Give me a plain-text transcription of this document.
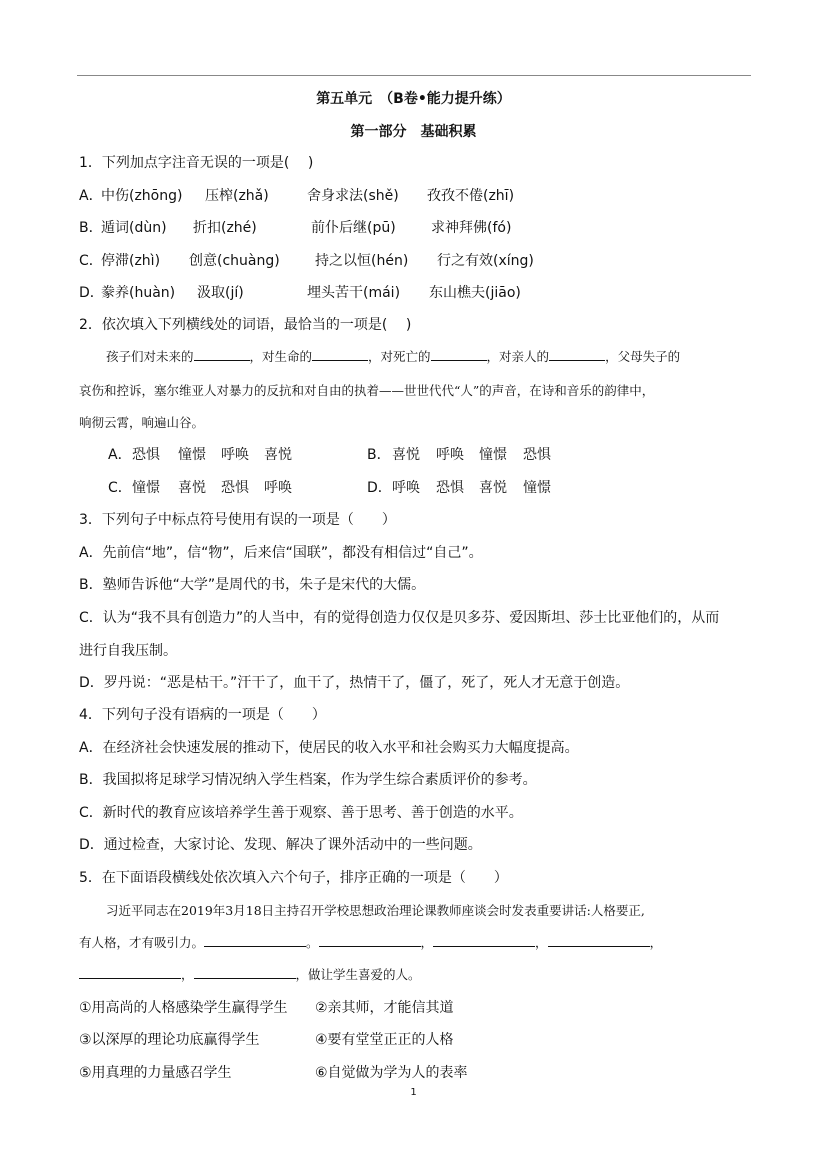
第五单元　（B卷•能力提升练）
第一部分　基础积累
1．下列加点字注音无误的一项是(　 )
A．
中伤(zhōng) 压榨(zhǎ)	舍身求法(shě) 孜孜不倦(zhī)
B．
遁词(dùn) 折扣(zhé)	前仆后继(pū)	求神拜佛(fó)
C．
停滞(zhì) 创意(chuàng)	持之以恒(hén) 行之有效(xíng)
D．
豢养(huàn) 汲取(jí)	埋头苦干(mái) 东山樵夫(jiāo)
2．依次填入下列横线处的词语，最恰当的一项是(　 )
孩子们对未来的	，对生命的	，对死亡的	，对亲人的	，父母失子的
哀伤和控诉，塞尔维亚人对暴力的反抗和对自由的执着——世世代代“人”的声音，在诗和音乐的韵律中，
响彻云霄，响遍山谷。
A． 恐惧 憧憬 呼唤 喜悦	B． 喜悦 呼唤 憧憬 恐惧
C． 憧憬 喜悦 恐惧 呼唤	D． 呼唤 恐惧 喜悦 憧憬
3．下列句子中标点符号使用有误的一项是（　　）
A．先前信“地”，信“物”，后来信“国联”，都没有相信过“自己”。
B．塾师告诉他“大学”是周代的书，朱子是宋代的大儒。
C．认为“我不具有创造力”的人当中，有的觉得创造力仅仅是贝多芬、爱因斯坦、莎士比亚他们的，从而
进行自我压制。
D．罗丹说：“恶是枯干。”汗干了，血干了，热情干了，僵了，死了，死人才无意于创造。
4．下列句子没有语病的一项是（　　）
A．在经济社会快速发展的推动下，使居民的收入水平和社会购买力大幅度提高。
B．我国拟将足球学习情况纳入学生档案，作为学生综合素质评价的参考。
C．新时代的教育应该培养学生善于观察、善于思考、善于创造的水平。
D．通过检查，大家讨论、发现、解决了课外活动中的一些问题。
5．在下面语段横线处依次填入六个句子，排序正确的一项是（　　）
习近平同志在2019年3月18日主持召开学校思想政治理论课教师座谈会时发表重要讲话:人格要正,
有人格，才有吸引力。	。	，	，	，
，	，做让学生喜爱的人。
①用高尚的人格感染学生赢得学生 ②亲其师，才能信其道
③以深厚的理论功底赢得学生	④要有堂堂正正的人格
⑤用真理的力量感召学生	⑥自觉做为学为人的表率
1
